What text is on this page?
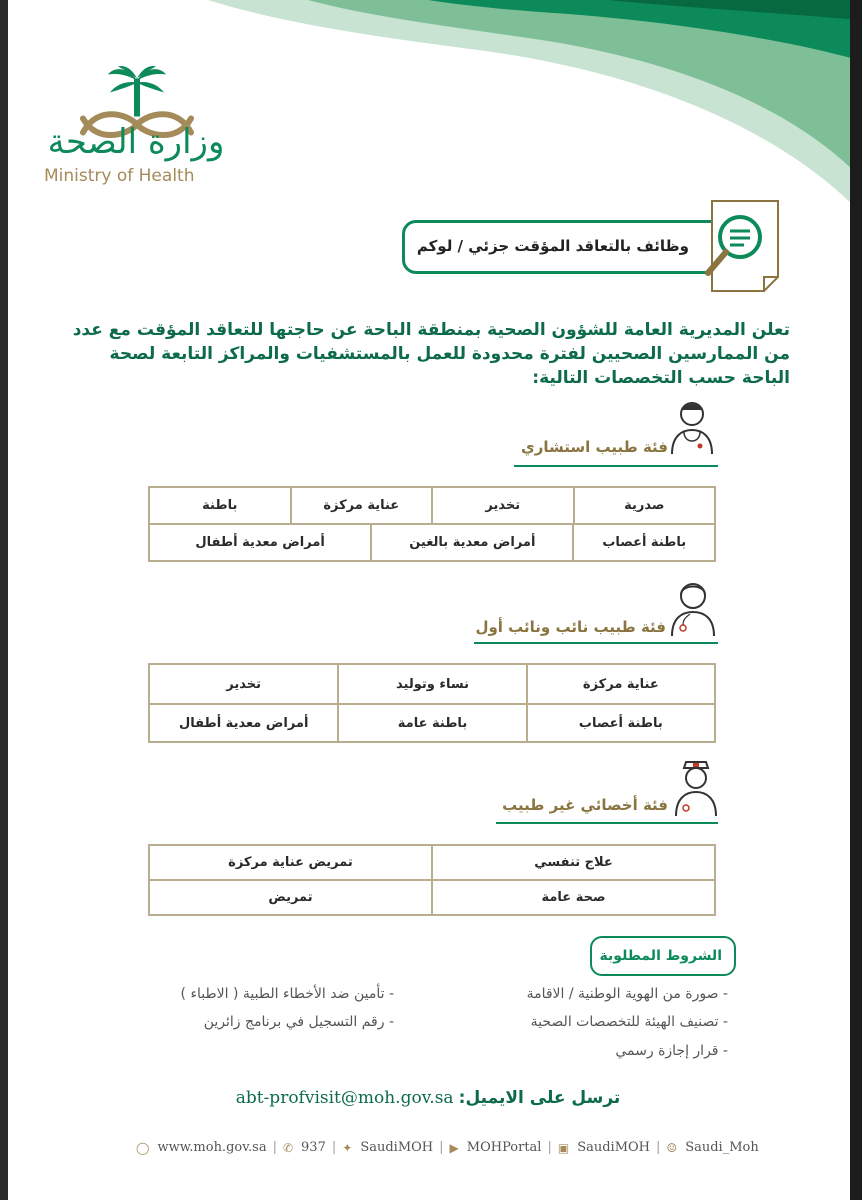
وزارة الصحة
Ministry of Health
وظائف بالتعاقد المؤقت جزئي / لوكم
تعلن المديرية العامة للشؤون الصحية بمنطقة الباحة عن حاجتها للتعاقد المؤقت مع عدد من الممارسين الصحيين لفترة محدودة للعمل بالمستشفيات والمراكز التابعة لصحة الباحة حسب التخصصات التالية:
فئة طبيب استشاري
صدرية	تخدير	عناية مركزة	باطنة
باطنة أعصاب	أمراض معدية بالغين	أمراض معدية أطفال
فئة طبيب نائب ونائب أول
عناية مركزة	نساء وتوليد	تخدير
باطنة أعصاب	باطنة عامة	أمراض معدية أطفال
فئة أخصائي غير طبيب
علاج تنفسي	تمريض عناية مركزة
صحة عامة	تمريض
الشروط المطلوبة
- صورة من الهوية الوطنية / الاقامة
- تصنيف الهيئة للتخصصات الصحية
- قرار إجازة رسمي
- تأمين ضد الأخطاء الطبية ( الاطباء )
- رقم التسجيل في برنامج زائرين
ترسل على الايميل: abt-profvisit@moh.gov.sa
◯ www.moh.gov.sa | ✆ 937 | ✦ SaudiMOH | ▶ MOHPortal | ▣ SaudiMOH | ☺ Saudi_Moh
